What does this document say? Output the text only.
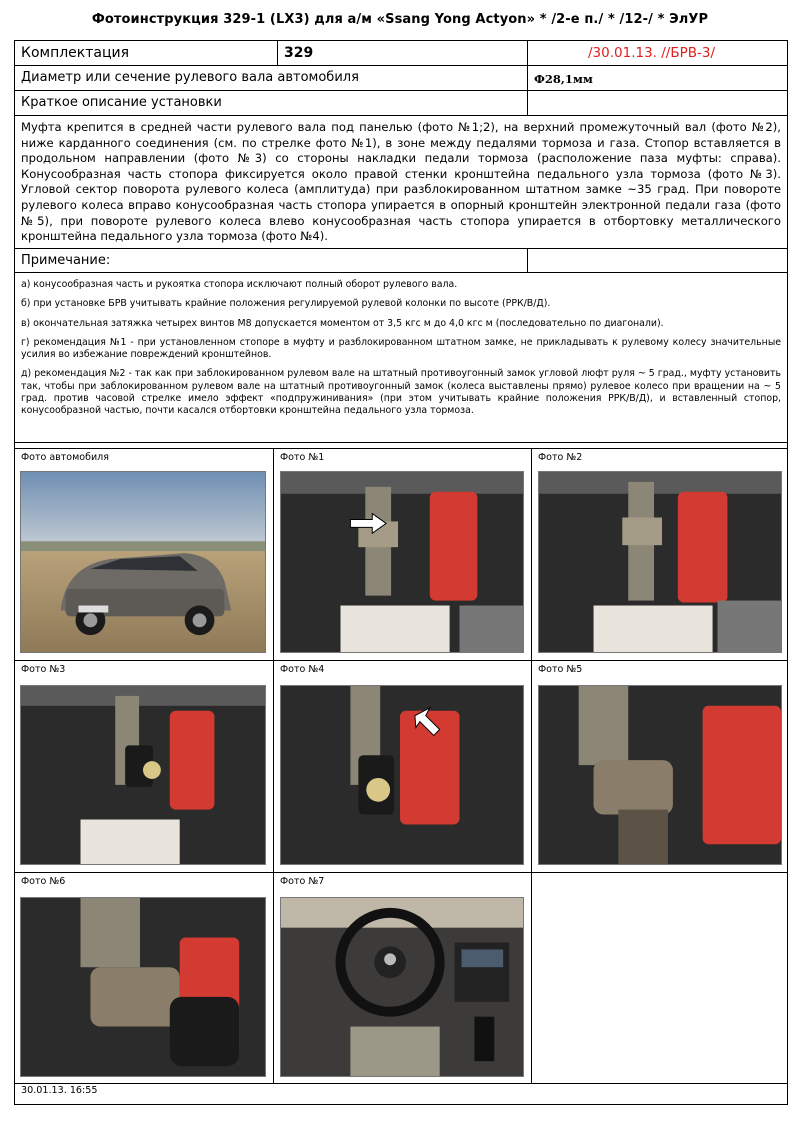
Фотоинструкция 329-1 (LX3) для а/м «Ssang Yong Actyon» * /2-е п./ * /12-/ * ЭлУР
Комплектация	329	/30.01.13. //БРВ-3/
Диаметр или сечение рулевого вала автомобиля	Ф28,1мм
Краткое описание установки
Муфта крепится в средней части рулевого вала под панелью (фото №1;2), на верхний промежуточный вал (фото №2), ниже карданного соединения (см. по стрелке фото №1), в зоне между педалями тормоза и газа. Стопор вставляется в продольном направлении (фото №3) со стороны накладки педали тормоза (расположение паза муфты: справа). Конусообразная часть стопора фиксируется около правой стенки кронштейна педального узла тормоза (фото №3). Угловой сектор поворота рулевого колеса (амплитуда) при разблокированном штатном замке ~35 град. При повороте рулевого колеса вправо конусообразная часть стопора упирается в опорный кронштейн электронной педали газа (фото №5), при повороте рулевого колеса влево конусообразная часть стопора упирается в отбортовку металлического кронштейна педального узла тормоза (фото №4).
Примечание:

а) конусообразная часть и рукоятка стопора исключают полный оборот рулевого вала.

б) при установке БРВ учитывать крайние положения регулируемой рулевой колонки по высоте (РРК/В/Д).

в) окончательная затяжка четырех винтов М8 допускается моментом от 3,5 кгс м до 4,0 кгс м (последовательно по диагонали).

г) рекомендация №1 - при установленном стопоре в муфту и разблокированном штатном замке, не прикладывать к рулевому колесу значительные усилия во избежание повреждений кронштейнов.

д) рекомендация №2 - так как при заблокированном рулевом вале на штатный противоугонный замок угловой люфт руля ~ 5 град., муфту установить так, чтобы при заблокированном рулевом вале на штатный противоугонный замок (колеса выставлены прямо) рулевое колесо при вращении на ~ 5 град. против часовой стрелке имело эффект «подпружинивания» (при этом учитывать крайние положения РРК/В/Д), и вставленный стопор, конусообразной частью, почти касался отбортовки кронштейна педального узла тормоза.

Фото автомобиля	Фото №1	Фото №2
Фото №3	Фото №4	Фото №5
Фото №6	Фото №7
30.01.13. 16:55
